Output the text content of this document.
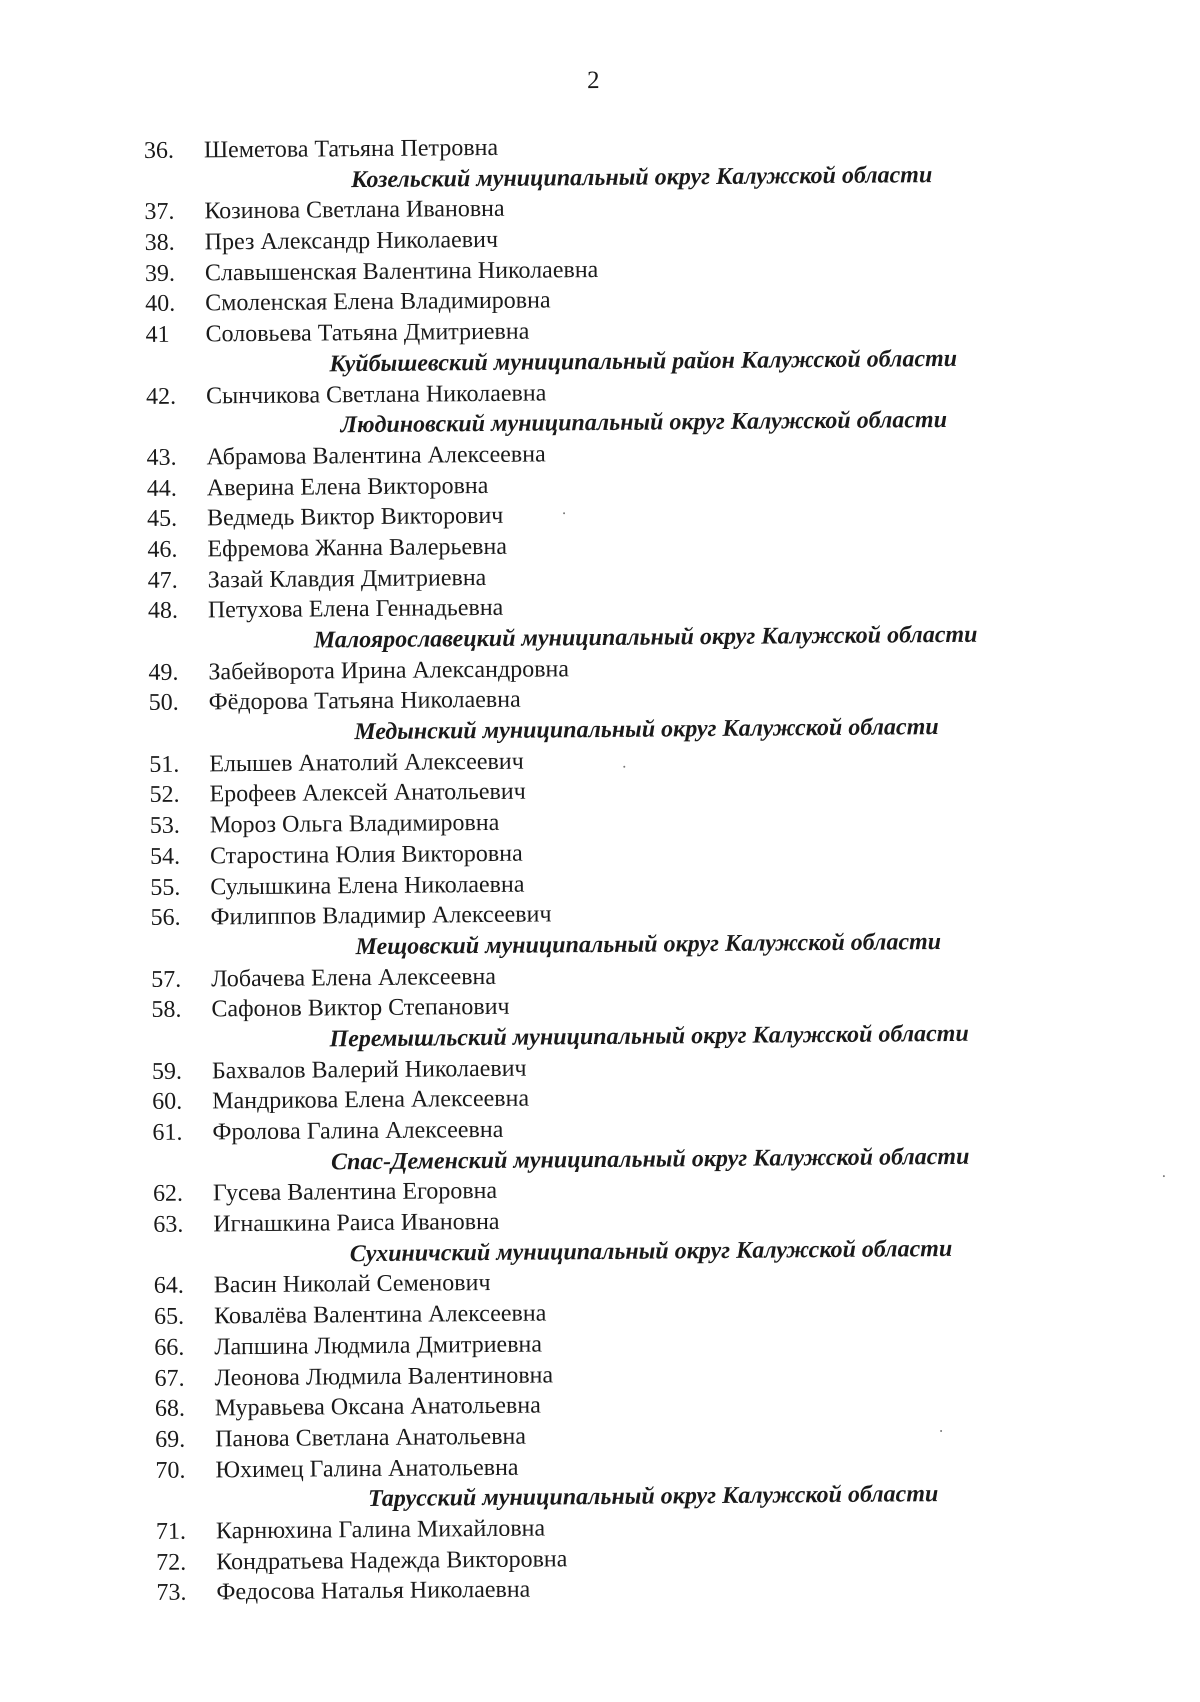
2
36.	Шеметова Татьяна Петровна
Козельский муниципальный округ Калужской области
37.	Козинова Светлана Ивановна
38.	През Александр Николаевич
39.	Славышенская Валентина Николаевна
40.	Смоленская Елена Владимировна
41	Соловьева Татьяна Дмитриевна
Куйбышевский муниципальный район Калужской области
42.	Сынчикова Светлана Николаевна
Людиновский муниципальный округ Калужской области
43.	Абрамова Валентина Алексеевна
44.	Аверина Елена Викторовна
45.	Ведмедь Виктор Викторович
46.	Ефремова Жанна Валерьевна
47.	Зазай Клавдия Дмитриевна
48.	Петухова Елена Геннадьевна
Малоярославецкий муниципальный округ Калужской области
49.	Забейворота Ирина Александровна
50.	Фёдорова Татьяна Николаевна
Медынский муниципальный округ Калужской области
51.	Елышев Анатолий Алексеевич
52.	Ерофеев Алексей Анатольевич
53.	Мороз Ольга Владимировна
54.	Старостина Юлия Викторовна
55.	Сулышкина Елена Николаевна
56.	Филиппов Владимир Алексеевич
Мещовский муниципальный округ Калужской области
57.	Лобачева Елена Алексеевна
58.	Сафонов Виктор Степанович
Перемышльский муниципальный округ Калужской области
59.	Бахвалов Валерий Николаевич
60.	Мандрикова Елена Алексеевна
61.	Фролова Галина Алексеевна
Спас-Деменский муниципальный округ Калужской области
62.	Гусева Валентина Егоровна
63.	Игнашкина Раиса Ивановна
Сухиничский муниципальный округ Калужской области
64.	Васин Николай Семенович
65.	Ковалёва Валентина Алексеевна
66.	Лапшина Людмила Дмитриевна
67.	Леонова Людмила Валентиновна
68.	Муравьева Оксана Анатольевна
69.	Панова Светлана Анатольевна
70.	Юхимец Галина Анатольевна
Тарусский муниципальный округ Калужской области
71.	Карнюхина Галина Михайловна
72.	Кондратьева Надежда Викторовна
73.	Федосова Наталья Николаевна
